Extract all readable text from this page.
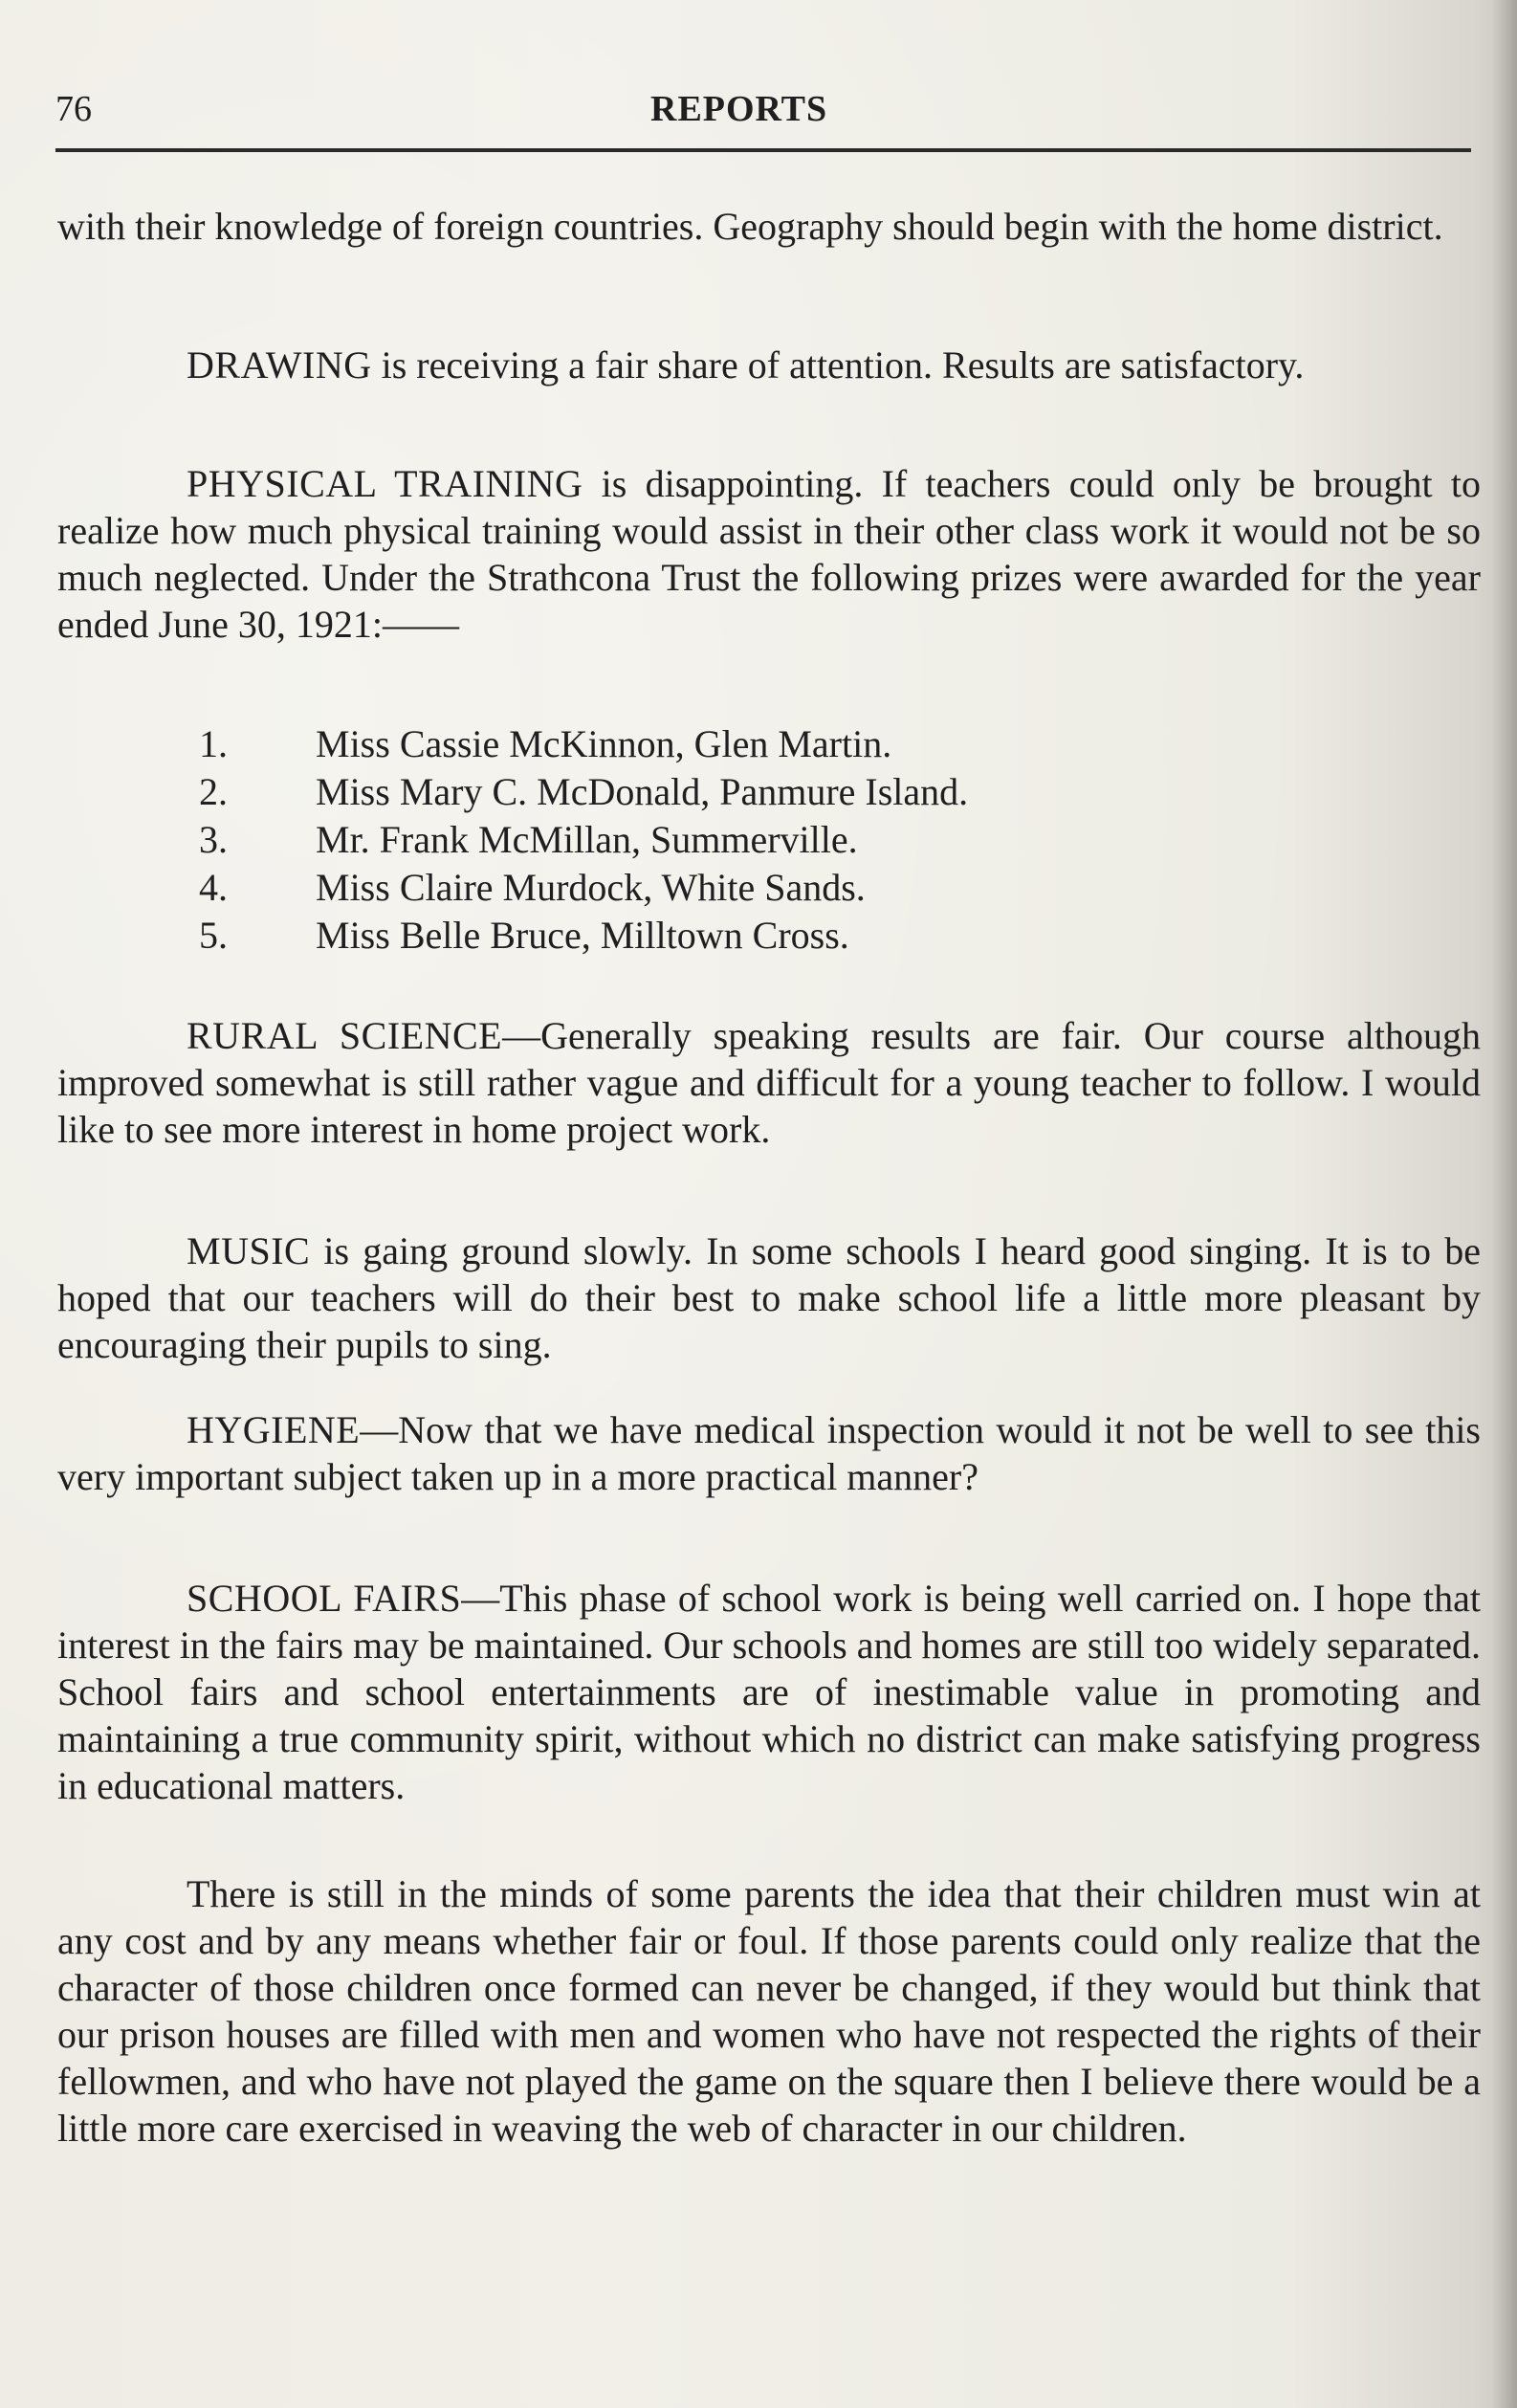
76	REPORTS

with their knowledge of foreign countries. Geography should begin with the home district.

DRAWING is receiving a fair share of attention. Results are satisfactory.

PHYSICAL TRAINING is disappointing. If teachers could only be brought to realize how much physical training would assist in their other class work it would not be so much neglected. Under the Strathcona Trust the following prizes were awarded for the year ended June 30, 1921:——

1.	Miss Cassie McKinnon, Glen Martin.
2.	Miss Mary C. McDonald, Panmure Island.
3.	Mr. Frank McMillan, Summerville.
4.	Miss Claire Murdock, White Sands.
5.	Miss Belle Bruce, Milltown Cross.

RURAL SCIENCE—Generally speaking results are fair. Our course although improved somewhat is still rather vague and difficult for a young teacher to follow. I would like to see more interest in home project work.

MUSIC is gaing ground slowly. In some schools I heard good singing. It is to be hoped that our teachers will do their best to make school life a little more pleasant by encouraging their pupils to sing.

HYGIENE—Now that we have medical inspection would it not be well to see this very important subject taken up in a more practical manner?

SCHOOL FAIRS—This phase of school work is being well carried on. I hope that interest in the fairs may be maintained. Our schools and homes are still too widely separated. School fairs and school entertainments are of inestimable value in promoting and maintaining a true community spirit, without which no district can make satisfying progress in educational matters.

There is still in the minds of some parents the idea that their children must win at any cost and by any means whether fair or foul. If those parents could only realize that the character of those children once formed can never be changed, if they would but think that our prison houses are filled with men and women who have not respected the rights of their fellowmen, and who have not played the game on the square then I believe there would be a little more care exercised in weaving the web of character in our children.
